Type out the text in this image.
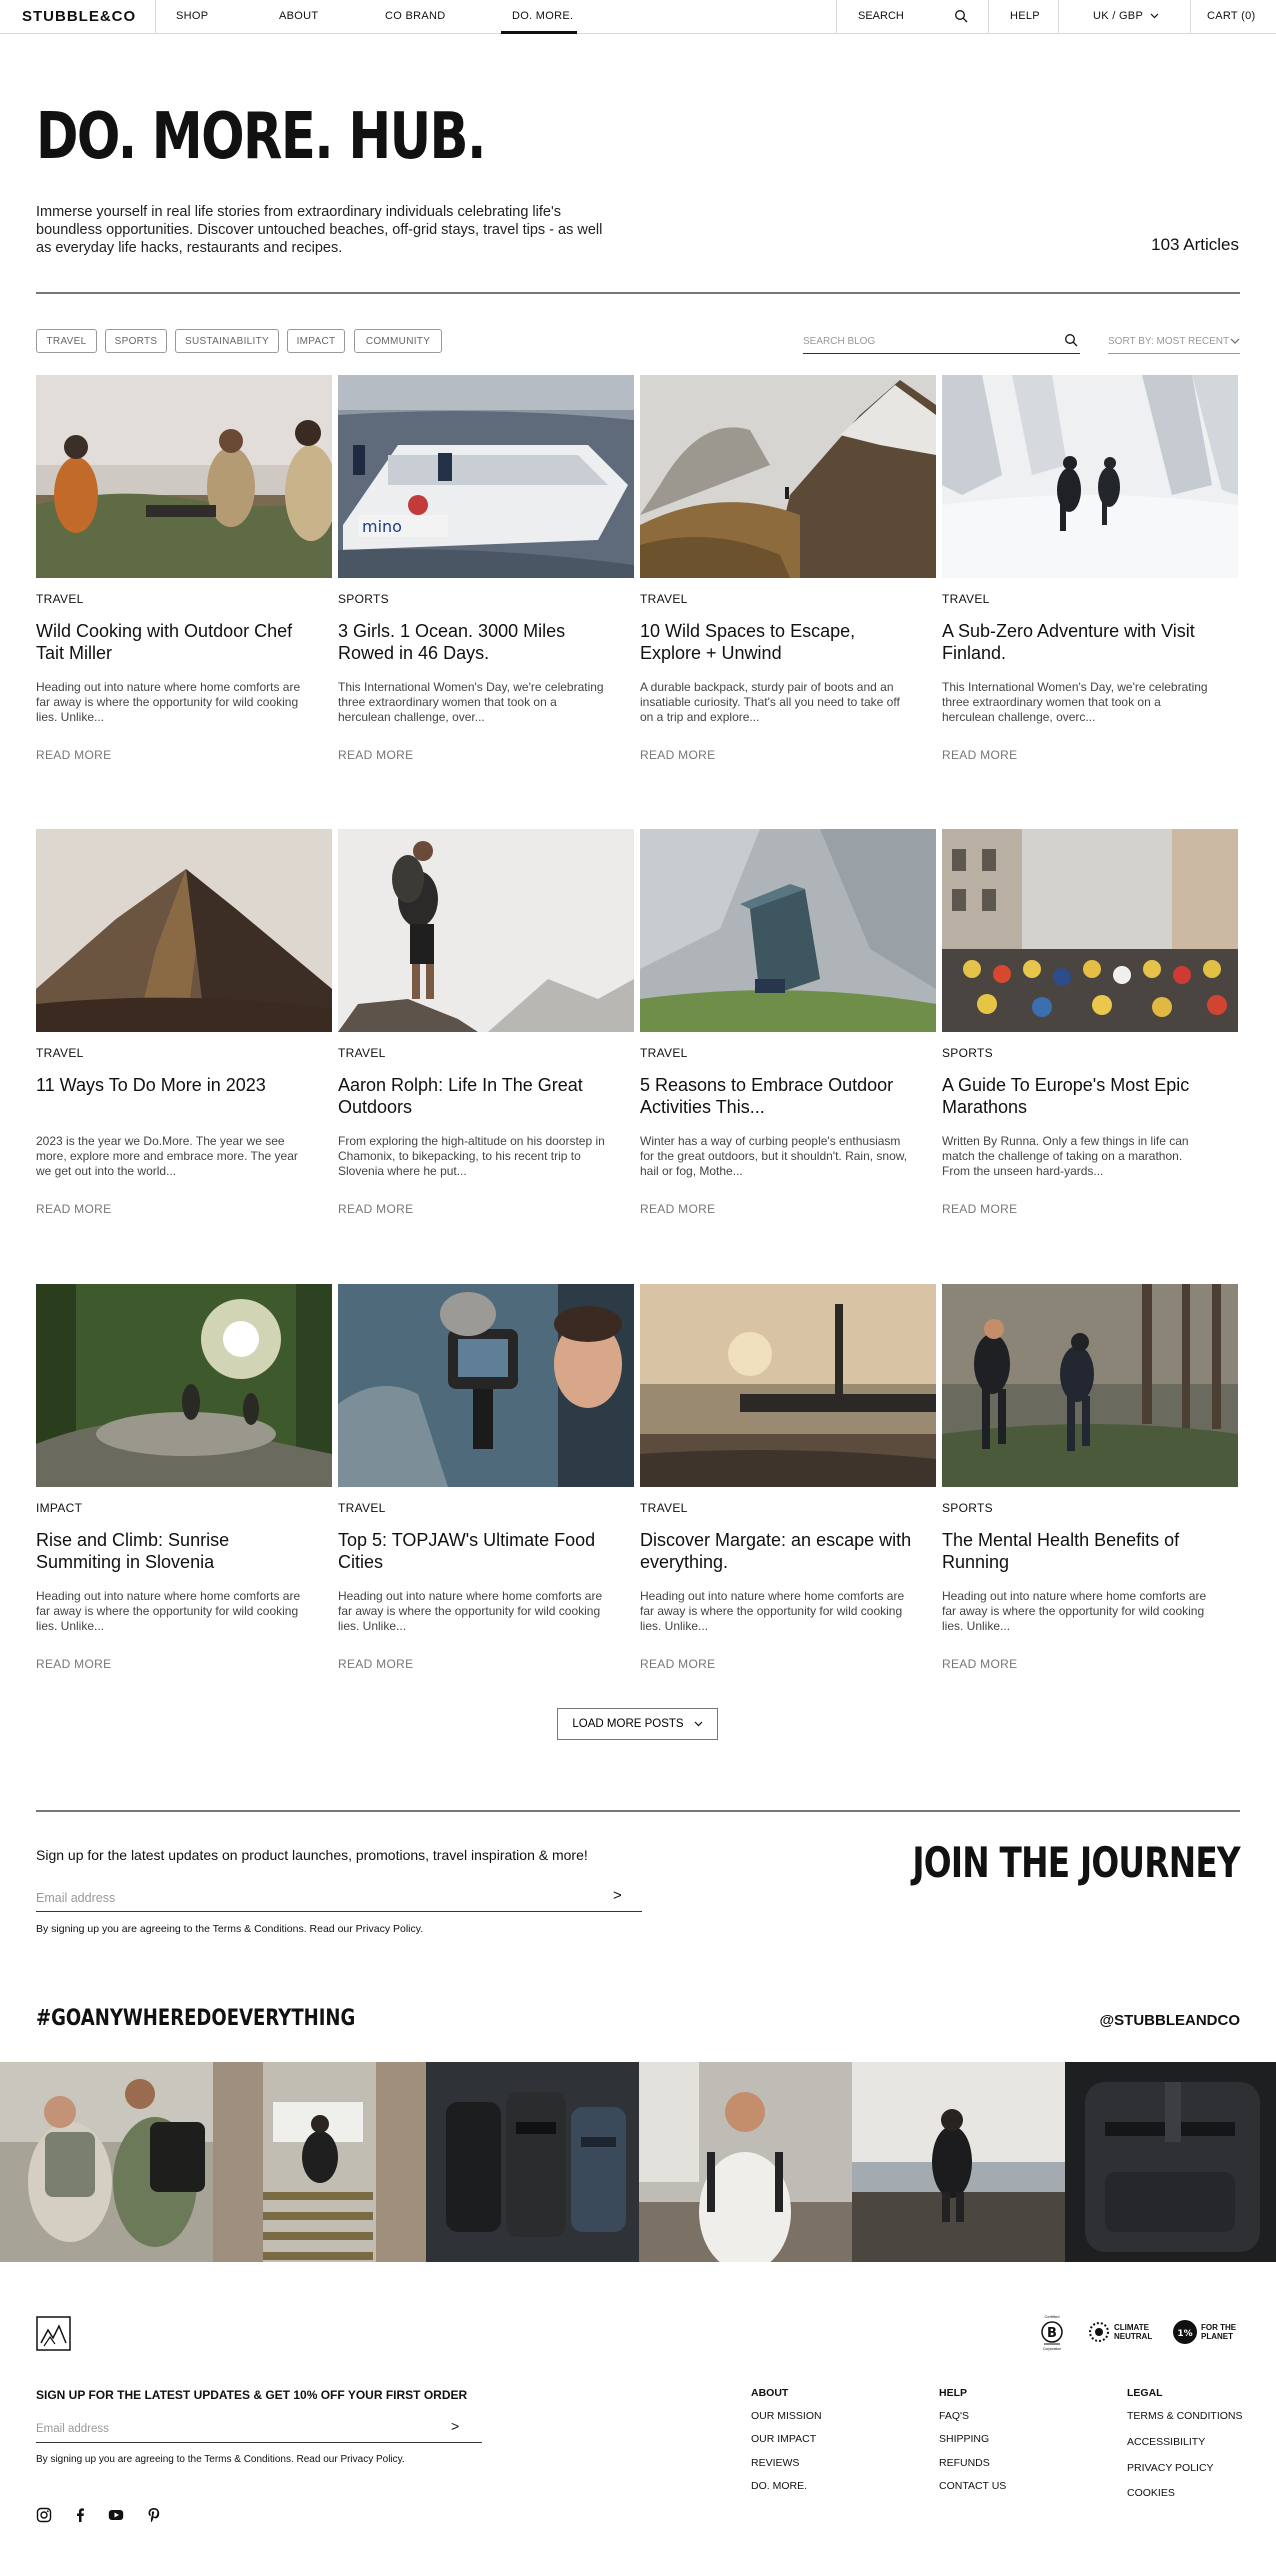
STUBBLE&CO	SHOP	ABOUT	CO BRAND	DO. MORE.	SEARCH	HELP	UK / GBP	CART (0)
DO. MORE. HUB.
Immerse yourself in real life stories from extraordinary individuals celebrating life's boundless opportunities. Discover untouched beaches, off-grid stays, travel tips - as well as everyday life hacks, restaurants and recipes.	103 Articles
TRAVEL	SPORTS	SUSTAINABILITY	IMPACT	COMMUNITY
SEARCH BLOG	SORT BY: MOST RECENT
TRAVEL
Wild Cooking with Outdoor Chef Tait Miller
Heading out into nature where home comforts are far away is where the opportunity for wild cooking lies. Unlike...
READ MORE
mino
SPORTS
3 Girls. 1 Ocean. 3000 Miles Rowed in 46 Days.
This International Women's Day, we're celebrating three extraordinary women that took on a herculean challenge, over...
READ MORE
TRAVEL
10 Wild Spaces to Escape, Explore + Unwind
A durable backpack, sturdy pair of boots and an insatiable curiosity. That's all you need to take off on a trip and explore...
READ MORE
TRAVEL
A Sub-Zero Adventure with Visit Finland.
This International Women's Day, we're celebrating three extraordinary women that took on a herculean challenge, overc...
READ MORE
TRAVEL
11 Ways To Do More in 2023
2023 is the year we Do.More. The year we see more, explore more and embrace more. The year we get out into the world...
READ MORE
TRAVEL
Aaron Rolph: Life In The Great Outdoors
From exploring the high-altitude on his doorstep in Chamonix, to bikepacking, to his recent trip to Slovenia where he put...
READ MORE
TRAVEL
5 Reasons to Embrace Outdoor Activities This...
Winter has a way of curbing people's enthusiasm for the great outdoors, but it shouldn't. Rain, snow, hail or fog, Mothe...
READ MORE
SPORTS
A Guide To Europe's Most Epic Marathons
Written By Runna. Only a few things in life can match the challenge of taking on a marathon. From the unseen hard-yards...
READ MORE
IMPACT
Rise and Climb: Sunrise Summiting in Slovenia
Heading out into nature where home comforts are far away is where the opportunity for wild cooking lies. Unlike...
READ MORE
TRAVEL
Top 5: TOPJAW's Ultimate Food Cities
Heading out into nature where home comforts are far away is where the opportunity for wild cooking lies. Unlike...
READ MORE
TRAVEL
Discover Margate: an escape with everything.
Heading out into nature where home comforts are far away is where the opportunity for wild cooking lies. Unlike...
READ MORE
SPORTS
The Mental Health Benefits of Running
Heading out into nature where home comforts are far away is where the opportunity for wild cooking lies. Unlike...
READ MORE
LOAD MORE POSTS
Sign up for the latest updates on product launches, promotions, travel inspiration & more!
Email address
>
By signing up you are agreeing to the Terms & Conditions. Read our Privacy Policy.
JOIN THE JOURNEY
#GOANYWHEREDOEVERYTHING	@STUBBLEANDCO
Certified
B
Corporation
CLIMATE
NEUTRAL	1%
FOR THE
PLANET
SIGN UP FOR THE LATEST UPDATES & GET 10% OFF YOUR FIRST ORDER
Email address
>
By signing up you are agreeing to the Terms & Conditions. Read our Privacy Policy.
ABOUT
OUR MISSION
OUR IMPACT
REVIEWS
DO. MORE.
HELP
FAQ'S
SHIPPING
REFUNDS
CONTACT US
LEGAL
TERMS & CONDITIONS
ACCESSIBILITY
PRIVACY POLICY
COOKIES
